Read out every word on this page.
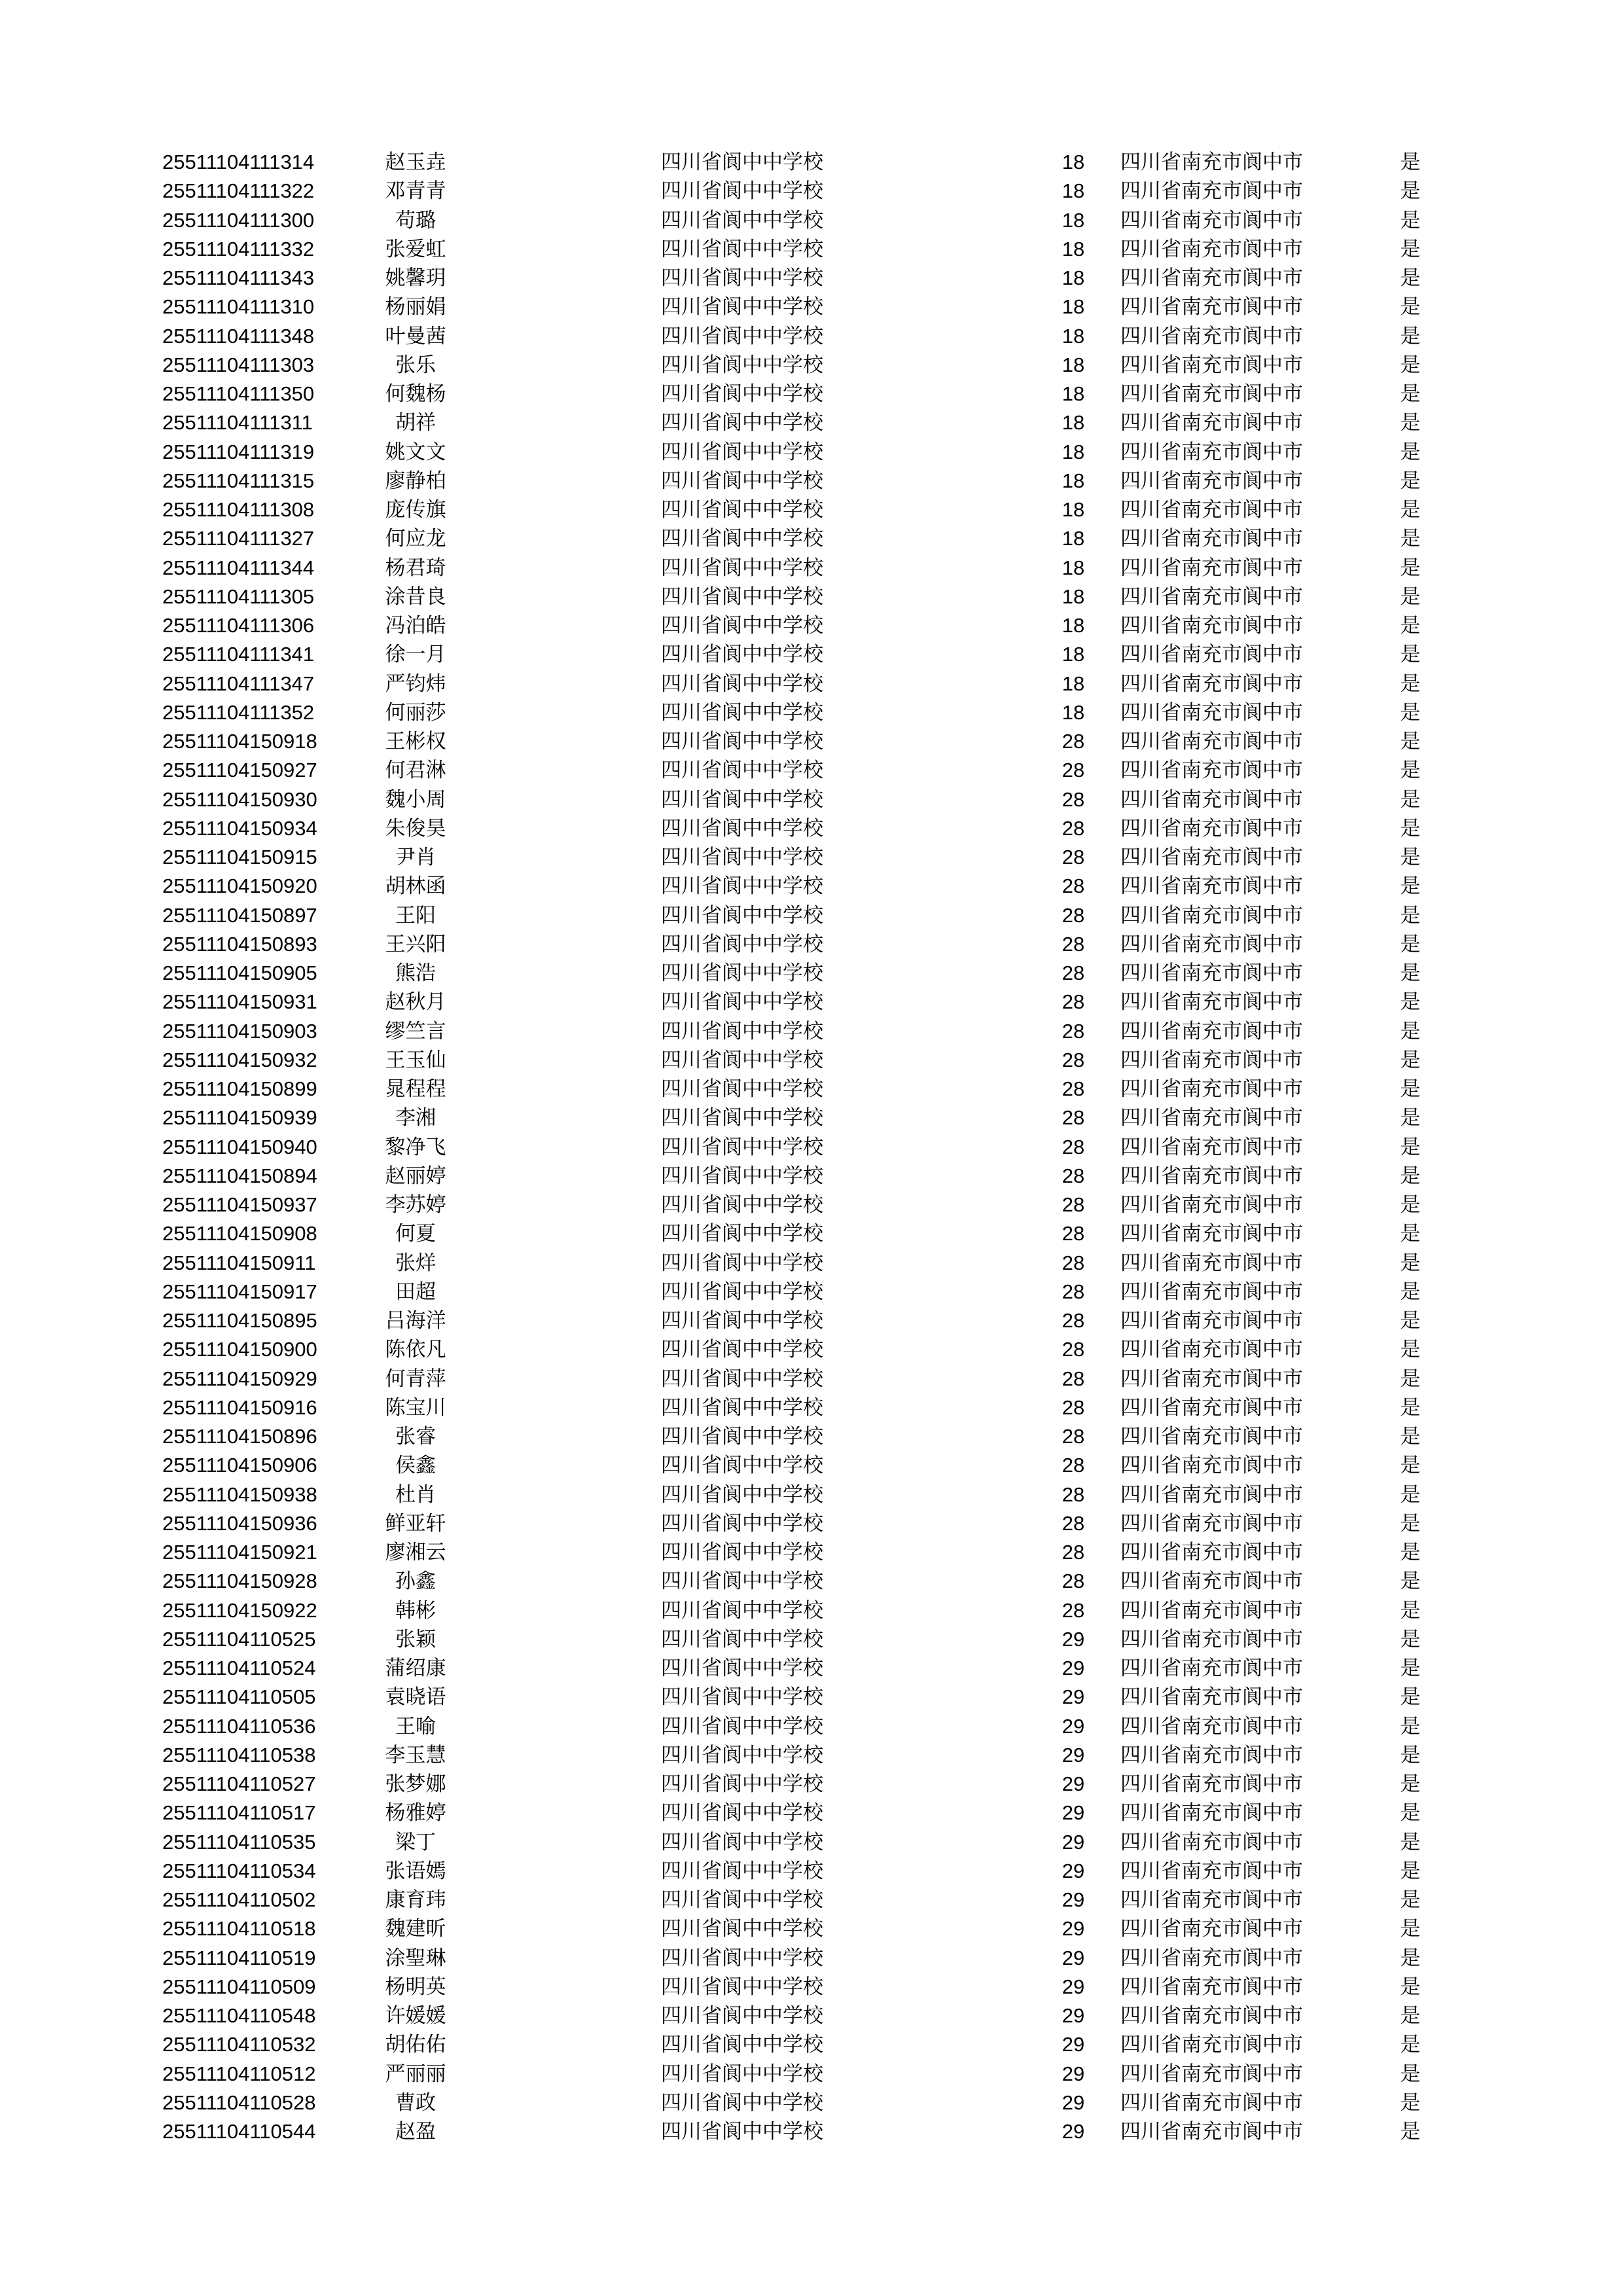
25511104111314	赵玉垚	四川省阆中中学校	18	四川省南充市阆中市	是
25511104111322	邓青青	四川省阆中中学校	18	四川省南充市阆中市	是
25511104111300	苟璐	四川省阆中中学校	18	四川省南充市阆中市	是
25511104111332	张爱虹	四川省阆中中学校	18	四川省南充市阆中市	是
25511104111343	姚馨玥	四川省阆中中学校	18	四川省南充市阆中市	是
25511104111310	杨丽娟	四川省阆中中学校	18	四川省南充市阆中市	是
25511104111348	叶曼茜	四川省阆中中学校	18	四川省南充市阆中市	是
25511104111303	张乐	四川省阆中中学校	18	四川省南充市阆中市	是
25511104111350	何魏杨	四川省阆中中学校	18	四川省南充市阆中市	是
25511104111311	胡祥	四川省阆中中学校	18	四川省南充市阆中市	是
25511104111319	姚文文	四川省阆中中学校	18	四川省南充市阆中市	是
25511104111315	廖静柏	四川省阆中中学校	18	四川省南充市阆中市	是
25511104111308	庞传旗	四川省阆中中学校	18	四川省南充市阆中市	是
25511104111327	何应龙	四川省阆中中学校	18	四川省南充市阆中市	是
25511104111344	杨君琦	四川省阆中中学校	18	四川省南充市阆中市	是
25511104111305	涂昔良	四川省阆中中学校	18	四川省南充市阆中市	是
25511104111306	冯泊皓	四川省阆中中学校	18	四川省南充市阆中市	是
25511104111341	徐一月	四川省阆中中学校	18	四川省南充市阆中市	是
25511104111347	严钧炜	四川省阆中中学校	18	四川省南充市阆中市	是
25511104111352	何丽莎	四川省阆中中学校	18	四川省南充市阆中市	是
25511104150918	王彬权	四川省阆中中学校	28	四川省南充市阆中市	是
25511104150927	何君淋	四川省阆中中学校	28	四川省南充市阆中市	是
25511104150930	魏小周	四川省阆中中学校	28	四川省南充市阆中市	是
25511104150934	朱俊昊	四川省阆中中学校	28	四川省南充市阆中市	是
25511104150915	尹肖	四川省阆中中学校	28	四川省南充市阆中市	是
25511104150920	胡林函	四川省阆中中学校	28	四川省南充市阆中市	是
25511104150897	王阳	四川省阆中中学校	28	四川省南充市阆中市	是
25511104150893	王兴阳	四川省阆中中学校	28	四川省南充市阆中市	是
25511104150905	熊浩	四川省阆中中学校	28	四川省南充市阆中市	是
25511104150931	赵秋月	四川省阆中中学校	28	四川省南充市阆中市	是
25511104150903	缪竺言	四川省阆中中学校	28	四川省南充市阆中市	是
25511104150932	王玉仙	四川省阆中中学校	28	四川省南充市阆中市	是
25511104150899	晁程程	四川省阆中中学校	28	四川省南充市阆中市	是
25511104150939	李湘	四川省阆中中学校	28	四川省南充市阆中市	是
25511104150940	黎净飞	四川省阆中中学校	28	四川省南充市阆中市	是
25511104150894	赵丽婷	四川省阆中中学校	28	四川省南充市阆中市	是
25511104150937	李苏婷	四川省阆中中学校	28	四川省南充市阆中市	是
25511104150908	何夏	四川省阆中中学校	28	四川省南充市阆中市	是
25511104150911	张烊	四川省阆中中学校	28	四川省南充市阆中市	是
25511104150917	田超	四川省阆中中学校	28	四川省南充市阆中市	是
25511104150895	吕海洋	四川省阆中中学校	28	四川省南充市阆中市	是
25511104150900	陈依凡	四川省阆中中学校	28	四川省南充市阆中市	是
25511104150929	何青萍	四川省阆中中学校	28	四川省南充市阆中市	是
25511104150916	陈宝川	四川省阆中中学校	28	四川省南充市阆中市	是
25511104150896	张睿	四川省阆中中学校	28	四川省南充市阆中市	是
25511104150906	侯鑫	四川省阆中中学校	28	四川省南充市阆中市	是
25511104150938	杜肖	四川省阆中中学校	28	四川省南充市阆中市	是
25511104150936	鲜亚轩	四川省阆中中学校	28	四川省南充市阆中市	是
25511104150921	廖湘云	四川省阆中中学校	28	四川省南充市阆中市	是
25511104150928	孙鑫	四川省阆中中学校	28	四川省南充市阆中市	是
25511104150922	韩彬	四川省阆中中学校	28	四川省南充市阆中市	是
25511104110525	张颖	四川省阆中中学校	29	四川省南充市阆中市	是
25511104110524	蒲绍康	四川省阆中中学校	29	四川省南充市阆中市	是
25511104110505	袁晓语	四川省阆中中学校	29	四川省南充市阆中市	是
25511104110536	王喻	四川省阆中中学校	29	四川省南充市阆中市	是
25511104110538	李玉慧	四川省阆中中学校	29	四川省南充市阆中市	是
25511104110527	张梦娜	四川省阆中中学校	29	四川省南充市阆中市	是
25511104110517	杨雅婷	四川省阆中中学校	29	四川省南充市阆中市	是
25511104110535	梁丁	四川省阆中中学校	29	四川省南充市阆中市	是
25511104110534	张语嫣	四川省阆中中学校	29	四川省南充市阆中市	是
25511104110502	康育玮	四川省阆中中学校	29	四川省南充市阆中市	是
25511104110518	魏建昕	四川省阆中中学校	29	四川省南充市阆中市	是
25511104110519	涂聖琳	四川省阆中中学校	29	四川省南充市阆中市	是
25511104110509	杨明英	四川省阆中中学校	29	四川省南充市阆中市	是
25511104110548	许媛媛	四川省阆中中学校	29	四川省南充市阆中市	是
25511104110532	胡佑佑	四川省阆中中学校	29	四川省南充市阆中市	是
25511104110512	严丽丽	四川省阆中中学校	29	四川省南充市阆中市	是
25511104110528	曹政	四川省阆中中学校	29	四川省南充市阆中市	是
25511104110544	赵盈	四川省阆中中学校	29	四川省南充市阆中市	是
